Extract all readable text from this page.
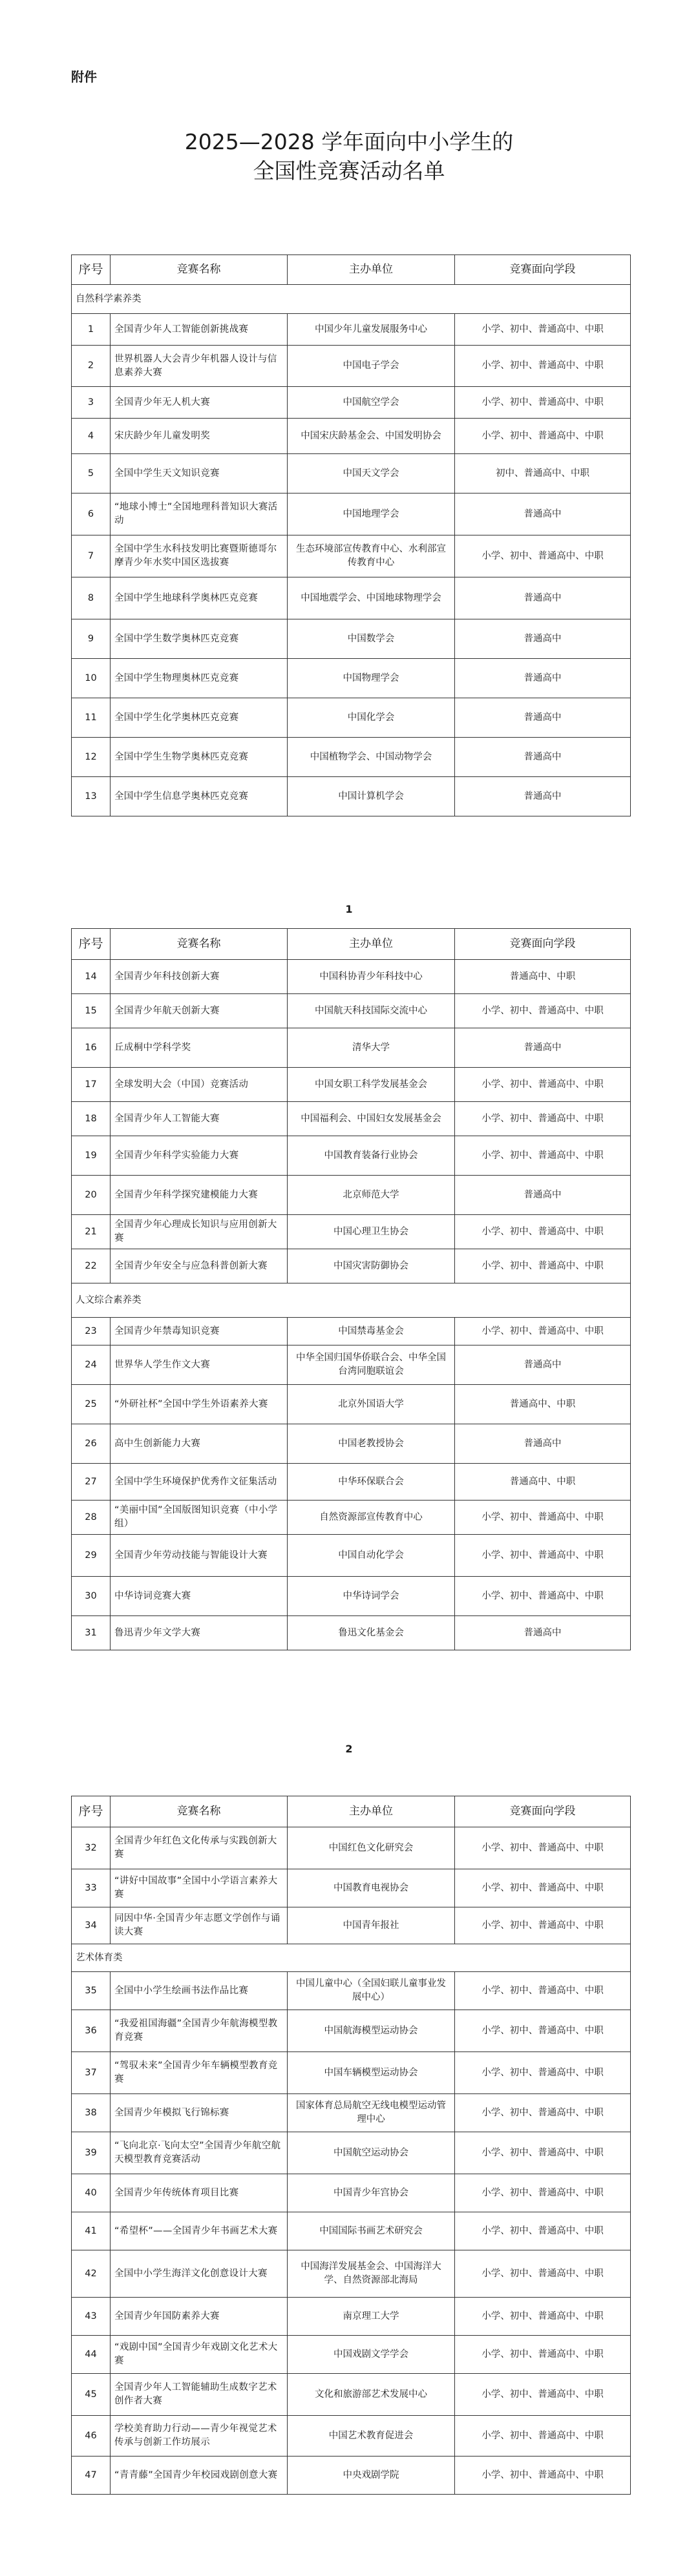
附件
2025—2028 学年面向中小学生的
全国性竞赛活动名单
序号	竞赛名称	主办单位	竞赛面向学段
自然科学素养类			
1	全国青少年人工智能创新挑战赛	中国少年儿童发展服务中心	小学、初中、普通高中、中职
2	世界机器人大会青少年机器人设计与信息素养大赛	中国电子学会	小学、初中、普通高中、中职
3	全国青少年无人机大赛	中国航空学会	小学、初中、普通高中、中职
4	宋庆龄少年儿童发明奖	中国宋庆龄基金会、中国发明协会	小学、初中、普通高中、中职
5	全国中学生天文知识竞赛	中国天文学会	初中、普通高中、中职
6	“地球小博士”全国地理科普知识大赛活动	中国地理学会	普通高中
7	全国中学生水科技发明比赛暨斯德哥尔摩青少年水奖中国区选拔赛	生态环境部宣传教育中心、水利部宣传教育中心	小学、初中、普通高中、中职
8	全国中学生地球科学奥林匹克竞赛	中国地震学会、中国地球物理学会	普通高中
9	全国中学生数学奥林匹克竞赛	中国数学会	普通高中
10	全国中学生物理奥林匹克竞赛	中国物理学会	普通高中
11	全国中学生化学奥林匹克竞赛	中国化学会	普通高中
12	全国中学生生物学奥林匹克竞赛	中国植物学会、中国动物学会	普通高中
13	全国中学生信息学奥林匹克竞赛	中国计算机学会	普通高中
1
序号	竞赛名称	主办单位	竞赛面向学段
14	全国青少年科技创新大赛	中国科协青少年科技中心	普通高中、中职
15	全国青少年航天创新大赛	中国航天科技国际交流中心	小学、初中、普通高中、中职
16	丘成桐中学科学奖	清华大学	普通高中
17	全球发明大会（中国）竞赛活动	中国女职工科学发展基金会	小学、初中、普通高中、中职
18	全国青少年人工智能大赛	中国福利会、中国妇女发展基金会	小学、初中、普通高中、中职
19	全国青少年科学实验能力大赛	中国教育装备行业协会	小学、初中、普通高中、中职
20	全国青少年科学探究建模能力大赛	北京师范大学	普通高中
21	全国青少年心理成长知识与应用创新大赛	中国心理卫生协会	小学、初中、普通高中、中职
22	全国青少年安全与应急科普创新大赛	中国灾害防御协会	小学、初中、普通高中、中职
人文综合素养类			
23	全国青少年禁毒知识竞赛	中国禁毒基金会	小学、初中、普通高中、中职
24	世界华人学生作文大赛	中华全国归国华侨联合会、中华全国台湾同胞联谊会	普通高中
25	“外研社杯”全国中学生外语素养大赛	北京外国语大学	普通高中、中职
26	高中生创新能力大赛	中国老教授协会	普通高中
27	全国中学生环境保护优秀作文征集活动	中华环保联合会	普通高中、中职
28	“美丽中国”全国版图知识竞赛（中小学组）	自然资源部宣传教育中心	小学、初中、普通高中、中职
29	全国青少年劳动技能与智能设计大赛	中国自动化学会	小学、初中、普通高中、中职
30	中华诗词竞赛大赛	中华诗词学会	小学、初中、普通高中、中职
31	鲁迅青少年文学大赛	鲁迅文化基金会	普通高中
2
序号	竞赛名称	主办单位	竞赛面向学段
32	全国青少年红色文化传承与实践创新大赛	中国红色文化研究会	小学、初中、普通高中、中职
33	“讲好中国故事”全国中小学语言素养大赛	中国教育电视协会	小学、初中、普通高中、中职
34	同因中华·全国青少年志愿文学创作与诵读大赛	中国青年报社	小学、初中、普通高中、中职
艺术体育类			
35	全国中小学生绘画书法作品比赛	中国儿童中心（全国妇联儿童事业发展中心）	小学、初中、普通高中、中职
36	“我爱祖国海疆”全国青少年航海模型教育竞赛	中国航海模型运动协会	小学、初中、普通高中、中职
37	“驾驭未来”全国青少年车辆模型教育竞赛	中国车辆模型运动协会	小学、初中、普通高中、中职
38	全国青少年模拟飞行锦标赛	国家体育总局航空无线电模型运动管理中心	小学、初中、普通高中、中职
39	“飞向北京·飞向太空”全国青少年航空航天模型教育竞赛活动	中国航空运动协会	小学、初中、普通高中、中职
40	全国青少年传统体育项目比赛	中国青少年宫协会	小学、初中、普通高中、中职
41	“希望杯”——全国青少年书画艺术大赛	中国国际书画艺术研究会	小学、初中、普通高中、中职
42	全国中小学生海洋文化创意设计大赛	中国海洋发展基金会、中国海洋大学、自然资源部北海局	小学、初中、普通高中、中职
43	全国青少年国防素养大赛	南京理工大学	小学、初中、普通高中、中职
44	“戏剧中国”全国青少年戏剧文化艺术大赛	中国戏剧文学学会	小学、初中、普通高中、中职
45	全国青少年人工智能辅助生成数字艺术创作者大赛	文化和旅游部艺术发展中心	小学、初中、普通高中、中职
46	学校美育助力行动——青少年视觉艺术传承与创新工作坊展示	中国艺术教育促进会	小学、初中、普通高中、中职
47	“青青藤”全国青少年校园戏剧创意大赛	中央戏剧学院	小学、初中、普通高中、中职
